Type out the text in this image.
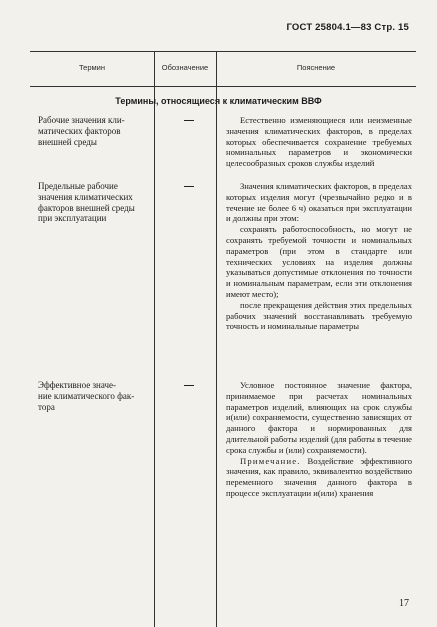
ГОСТ 25804.1—83 Стр. 15
Термин	Обозначение	Пояснение
Термины, относящиеся к климатическим ВВФ
Рабочие значения кли-
матических факторов
внешней среды

Естественно изменяющиеся или неизменные значения климатических факторов, в пределах которых обеспечивается сохранение требуемых номинальных параметров и экономически целесообразных сроков службы изделий

Предельные рабочие
значения климатических
факторов внешней среды
при эксплуатации

Значения климатических факторов, в пределах которых изделия могут (чрезвычайно редко и в течение не более 6 ч) оказаться при эксплуатации и должны при этом:

сохранять работоспособность, но могут не сохранять требуемой точности и номинальных параметров (при этом в стандарте или технических условиях на изделия должны указываться допустимые отклонения по точности и номинальным параметрам, если эти отклонения имеют место);

после прекращения действия этих предельных рабочих значений восстанавливать требуемую точность и номинальные параметры

Эффективное значе-
ние климатического фак-
тора

Условное постоянное значение фактора, принимаемое при расчетах номинальных параметров изделий, влияющих на срок службы и(или) сохраняемости, существенно зависящих от данного фактора и нормированных для длительной работы изделий (для работы в течение срока службы и (или) сохраняемости).

Примечание. Воздействие эффективного значения, как правило, эквивалентно воздействию переменного значения данного фактора в процессе эксплуатации и(или) хранения

17
